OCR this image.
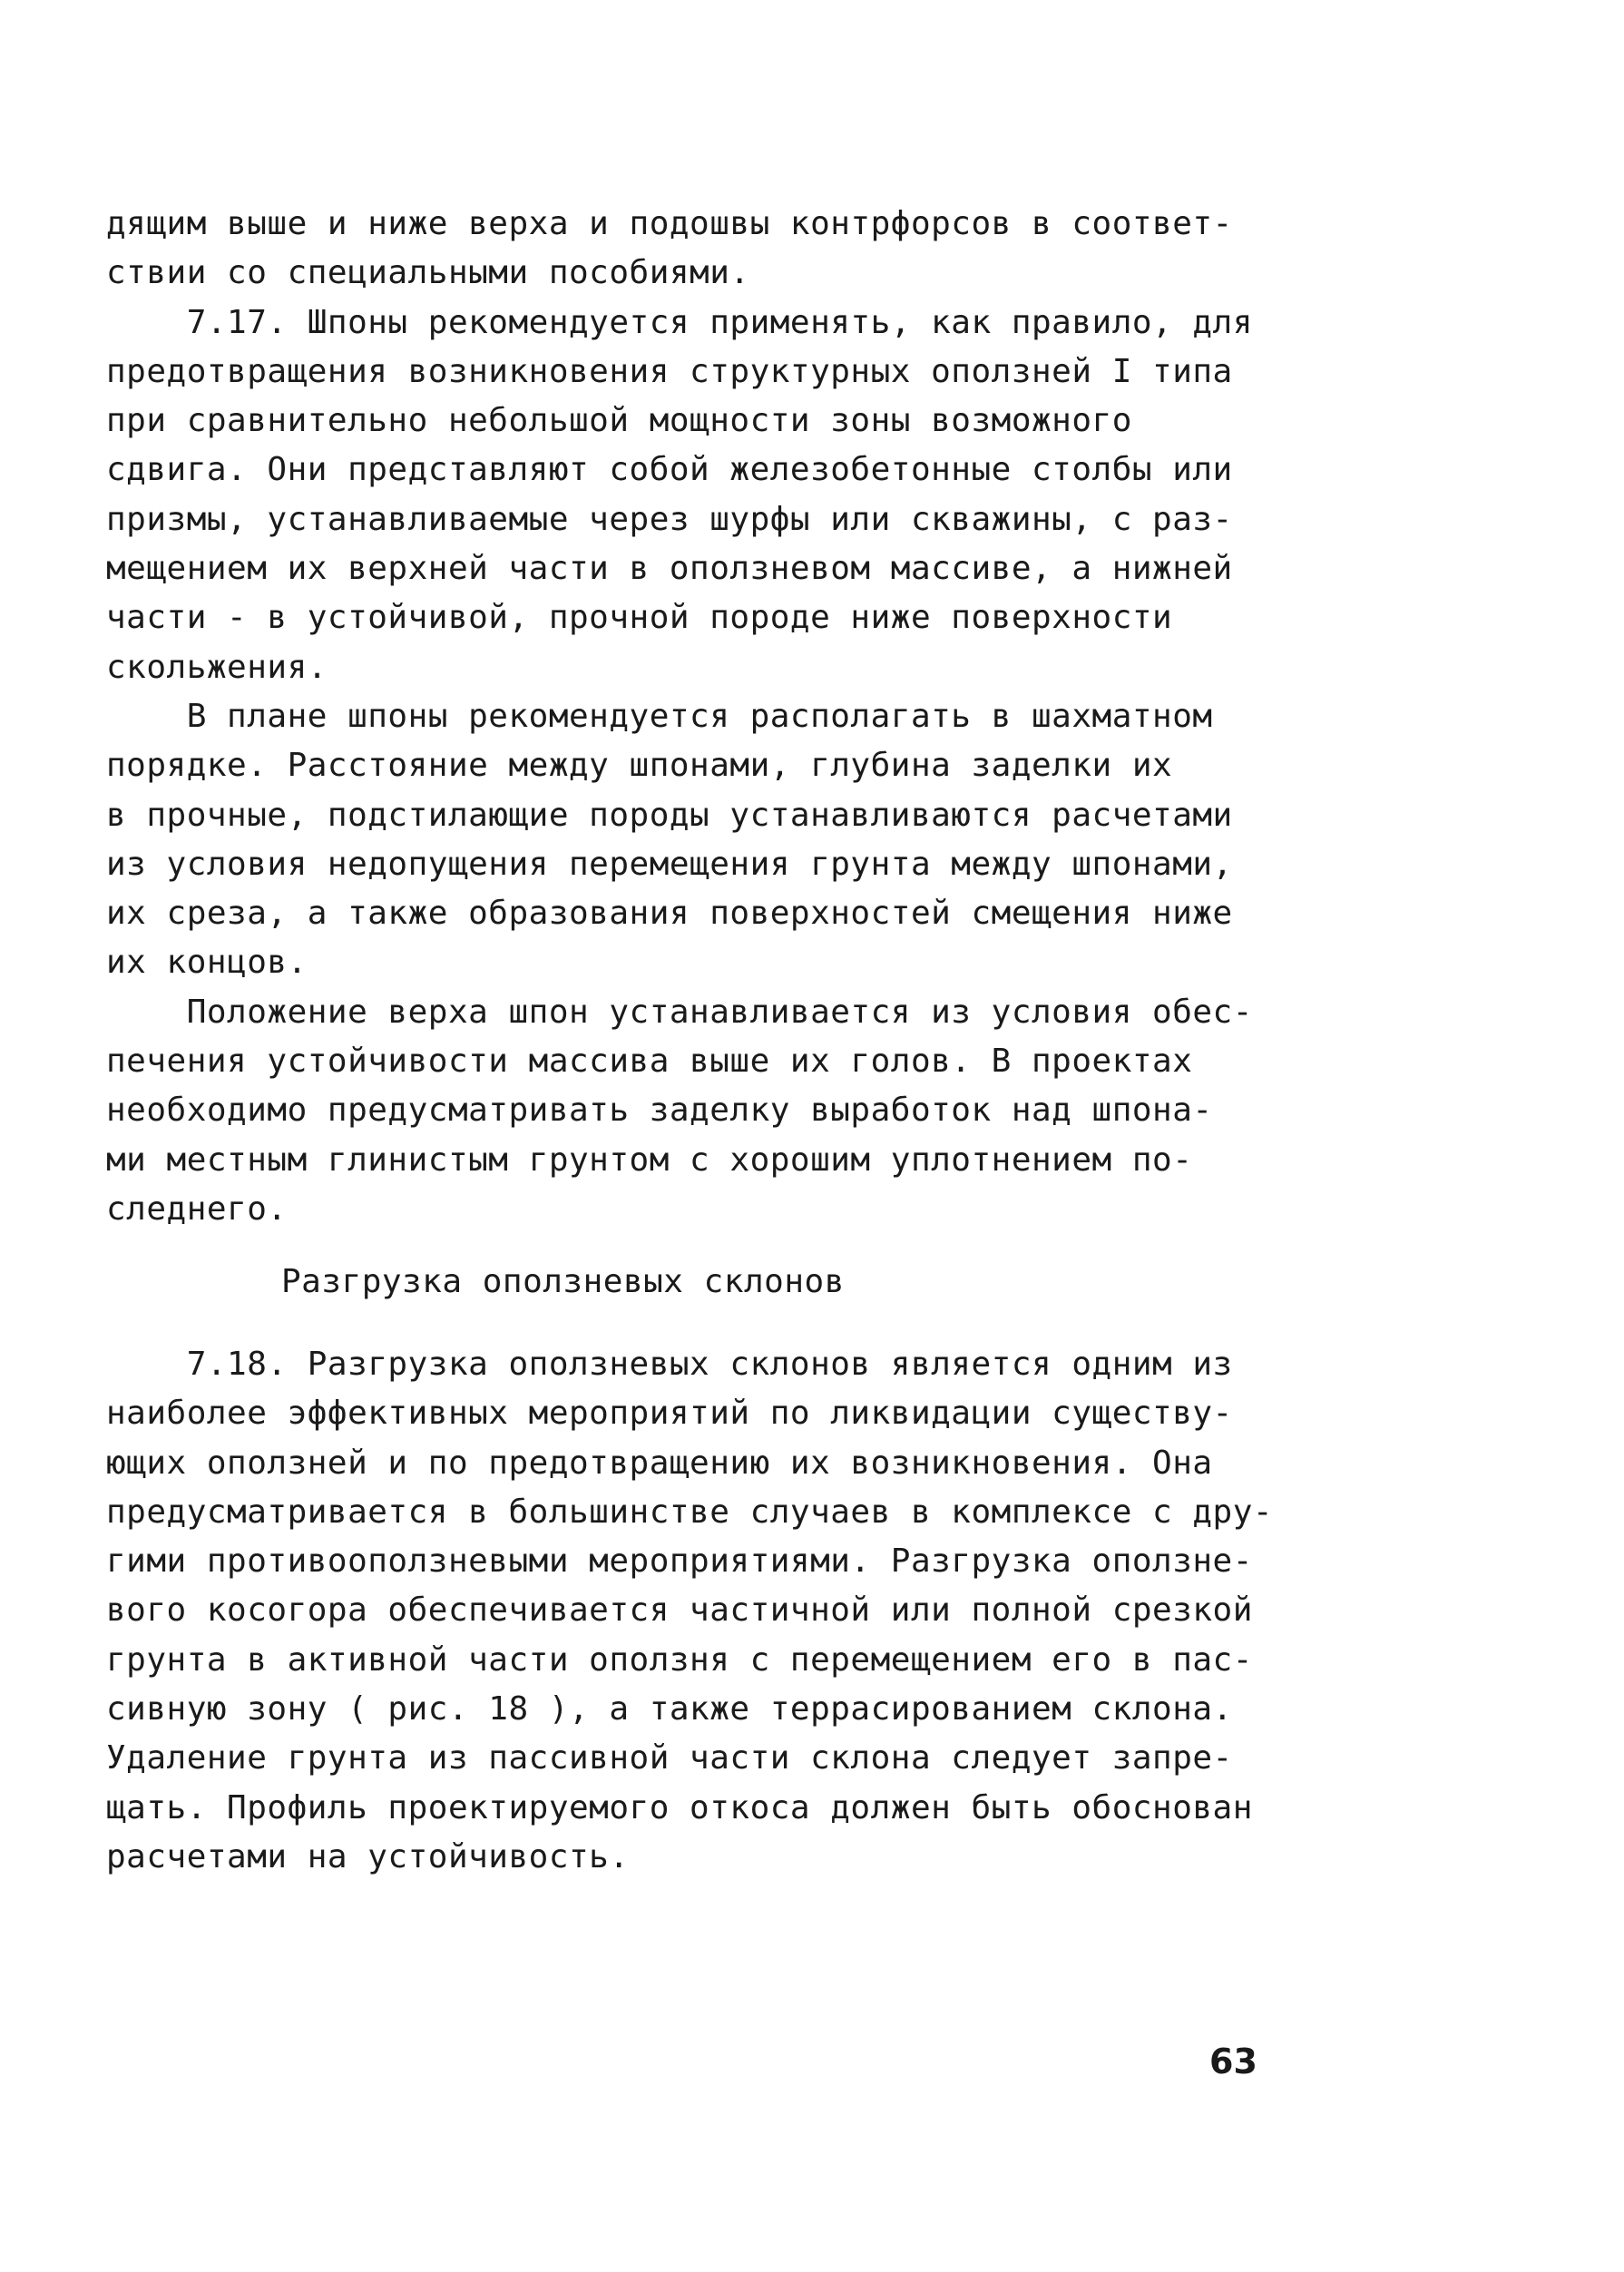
дящим выше и ниже верха и подошвы контрфорсов в соответ-
ствии со специальными пособиями.
7.17. Шпоны рекомендуется применять, как правило, для
предотвращения возникновения структурных оползней I типа
при сравнительно небольшой мощности зоны возможного
сдвига. Они представляют собой железобетонные столбы или
призмы, устанавливаемые через шурфы или скважины, с раз-
мещением их верхней части в оползневом массиве, а нижней
части - в устойчивой, прочной породе ниже поверхности
скольжения.
В плане шпоны рекомендуется располагать в шахматном
порядке. Расстояние между шпонами, глубина заделки их
в прочные, подстилающие породы устанавливаются расчетами
из условия недопущения перемещения грунта между шпонами,
их среза, а также образования поверхностей смещения ниже
их концов.
Положение верха шпон устанавливается из условия обес-
печения устойчивости массива выше их голов. В проектах
необходимо предусматривать заделку выработок над шпона-
ми местным глинистым грунтом с хорошим уплотнением по-
следнего.
Разгрузка оползневых склонов
7.18. Разгрузка оползневых склонов является одним из
наиболее эффективных мероприятий по ликвидации существу-
ющих оползней и по предотвращению их возникновения. Она
предусматривается в большинстве случаев в комплексе с дру-
гими противооползневыми мероприятиями. Разгрузка оползне-
вого косогора обеспечивается частичной или полной срезкой
грунта в активной части оползня с перемещением его в пас-
сивную зону ( рис. 18 ), а также террасированием склона.
Удаление грунта из пассивной части склона следует запре-
щать. Профиль проектируемого откоса должен быть обоснован
расчетами на устойчивость.
63
